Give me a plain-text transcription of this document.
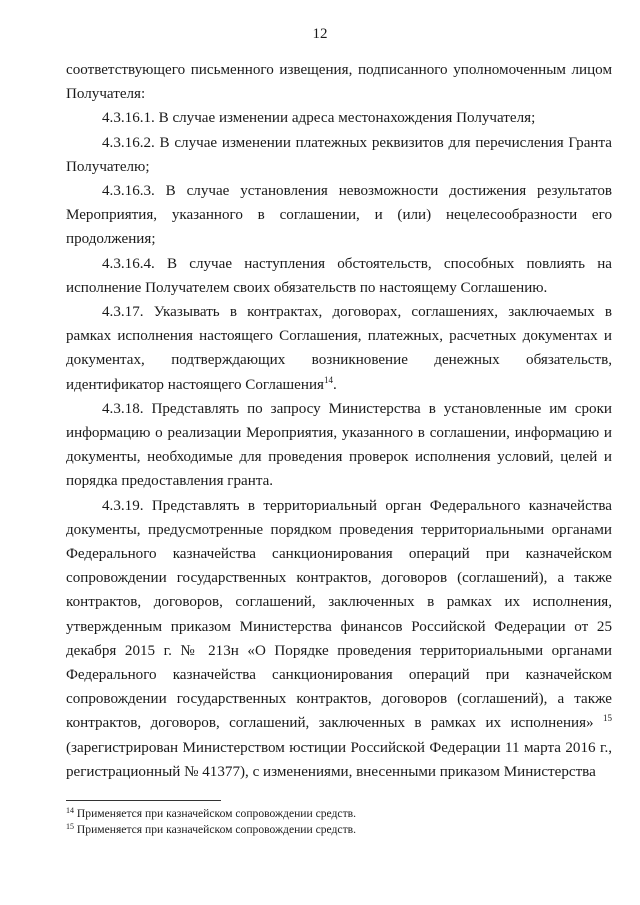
12

соответствующего письменного извещения, подписанного уполномоченным лицом Получателя:

4.3.16.1. В случае изменении адреса местонахождения Получателя;

4.3.16.2. В случае изменении платежных реквизитов для перечисления Гранта Получателю;

4.3.16.3. В случае установления невозможности достижения результатов Мероприятия, указанного в соглашении, и (или) нецелесообразности его продолжения;

4.3.16.4. В случае наступления обстоятельств, способных повлиять на исполнение Получателем своих обязательств по настоящему Соглашению.

4.3.17. Указывать в контрактах, договорах, соглашениях, заключаемых в рамках исполнения настоящего Соглашения, платежных, расчетных документах и документах, подтверждающих возникновение денежных обязательств, идентификатор настоящего Соглашения$^{14}$.

4.3.18. Представлять по запросу Министерства в установленные им сроки информацию о реализации Мероприятия, указанного в соглашении, информацию и документы, необходимые для проведения проверок исполнения условий, целей и порядка предоставления гранта.

4.3.19. Представлять в территориальный орган Федерального казначейства документы, предусмотренные порядком проведения территориальными органами Федерального казначейства санкционирования операций при казначейском сопровождении государственных контрактов, договоров (соглашений), а также контрактов, договоров, соглашений, заключенных в рамках их исполнения, утвержденным приказом Министерства финансов Российской Федерации от 25 декабря 2015 г. № 213н «О Порядке проведения территориальными органами Федерального казначейства санкционирования операций при казначейском сопровождении государственных контрактов, договоров (соглашений), а также контрактов, договоров, соглашений, заключенных в рамках их исполнения» $^{15}$ (зарегистрирован Министерством юстиции Российской Федерации 11 марта 2016 г., регистрационный № 41377), с изменениями, внесенными приказом Министерства

$^{14}$ Применяется при казначейском сопровождении средств.

$^{15}$ Применяется при казначейском сопровождении средств.
